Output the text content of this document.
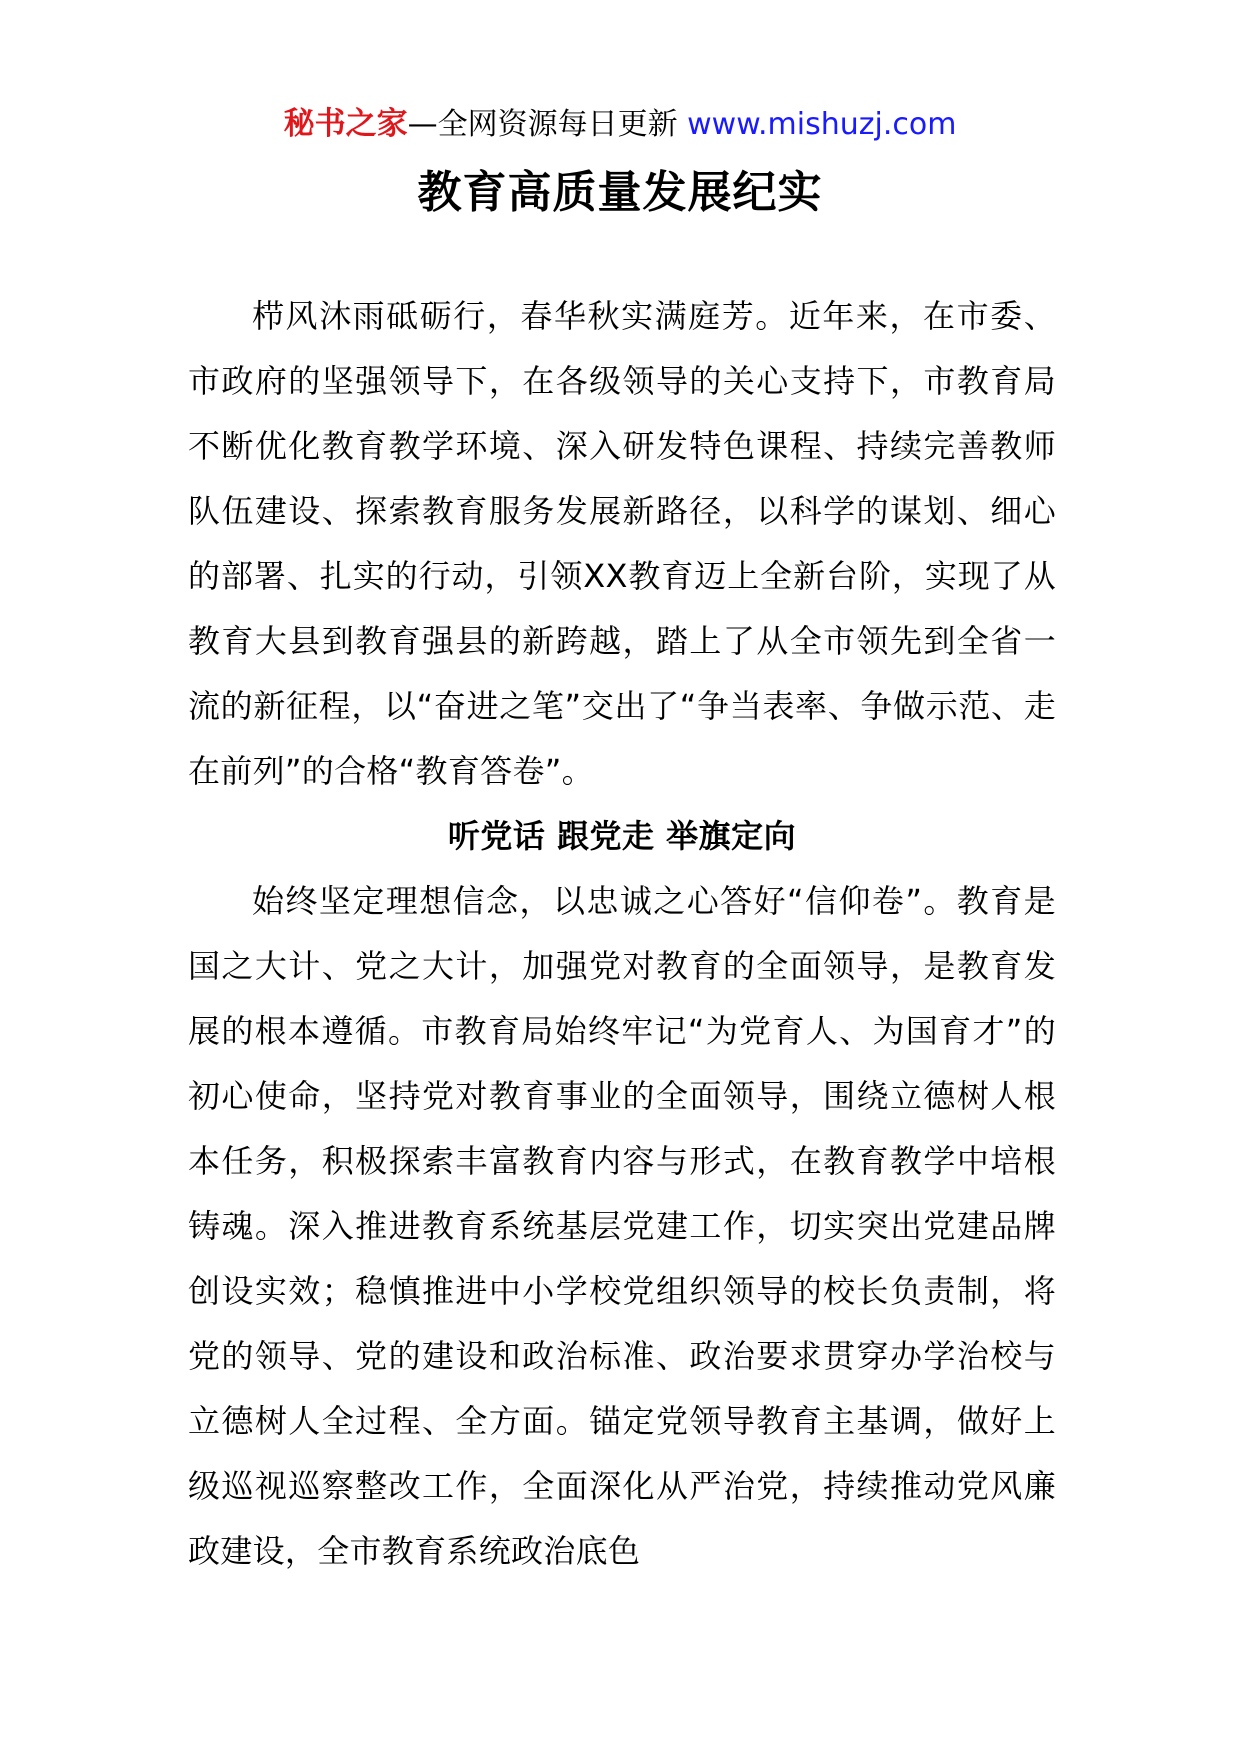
秘书之家—全网资源每日更新 www.mishuzj.com
教育高质量发展纪实

栉风沐雨砥砺行，春华秋实满庭芳。近年来，在市委、市政府的坚强领导下，在各级领导的关心支持下，市教育局不断优化教育教学环境、深入研发特色课程、持续完善教师队伍建设、探索教育服务发展新路径，以科学的谋划、细心的部署、扎实的行动，引领XX教育迈上全新台阶，实现了从教育大县到教育强县的新跨越，踏上了从全市领先到全省一流的新征程，以“奋进之笔”交出了“争当表率、争做示范、走在前列”的合格“教育答卷”。

听党话 跟党走 举旗定向

始终坚定理想信念，以忠诚之心答好“信仰卷”。教育是国之大计、党之大计，加强党对教育的全面领导，是教育发展的根本遵循。市教育局始终牢记“为党育人、为国育才”的初心使命，坚持党对教育事业的全面领导，围绕立德树人根本任务，积极探索丰富教育内容与形式，在教育教学中培根铸魂。深入推进教育系统基层党建工作，切实突出党建品牌创设实效；稳慎推进中小学校党组织领导的校长负责制，将党的领导、党的建设和政治标准、政治要求贯穿办学治校与立德树人全过程、全方面。锚定党领导教育主基调，做好上级巡视巡察整改工作，全面深化从严治党，持续推动党风廉政建设，全市教育系统政治底色
